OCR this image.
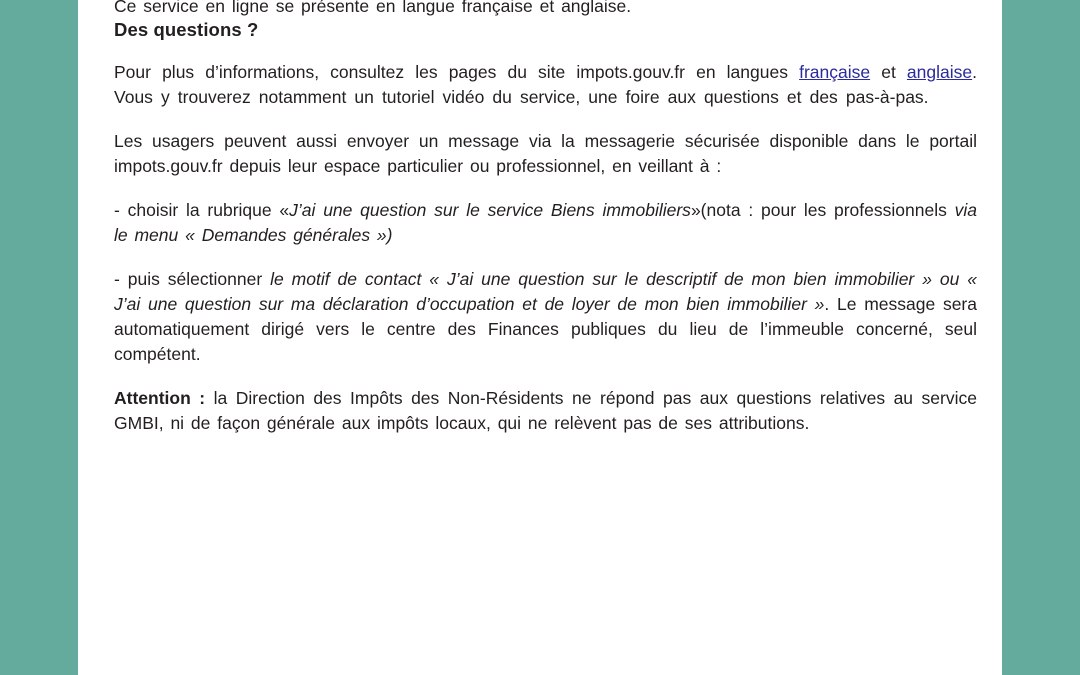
Ce service en ligne se présente en langue française et anglaise.

Des questions ?

Pour plus d’informations, consultez les pages du site impots.gouv.fr en langues française et anglaise. Vous y trouverez notamment un tutoriel vidéo du service, une foire aux questions et des pas-à-pas.

Les usagers peuvent aussi envoyer un message via la messagerie sécurisée disponible dans le portail impots.gouv.fr depuis leur espace particulier ou professionnel, en veillant à :

- choisir la rubrique «J’ai une question sur le service Biens immobiliers»(nota : pour les professionnels via le menu « Demandes générales »)

- puis sélectionner le motif de contact « J’ai une question sur le descriptif de mon bien immobilier » ou « J’ai une question sur ma déclaration d’occupation et de loyer de mon bien immobilier ». Le message sera automatiquement dirigé vers le centre des Finances publiques du lieu de l’immeuble concerné, seul compétent.

Attention : la Direction des Impôts des Non-Résidents ne répond pas aux questions relatives au service GMBI, ni de façon générale aux impôts locaux, qui ne relèvent pas de ses attributions.
